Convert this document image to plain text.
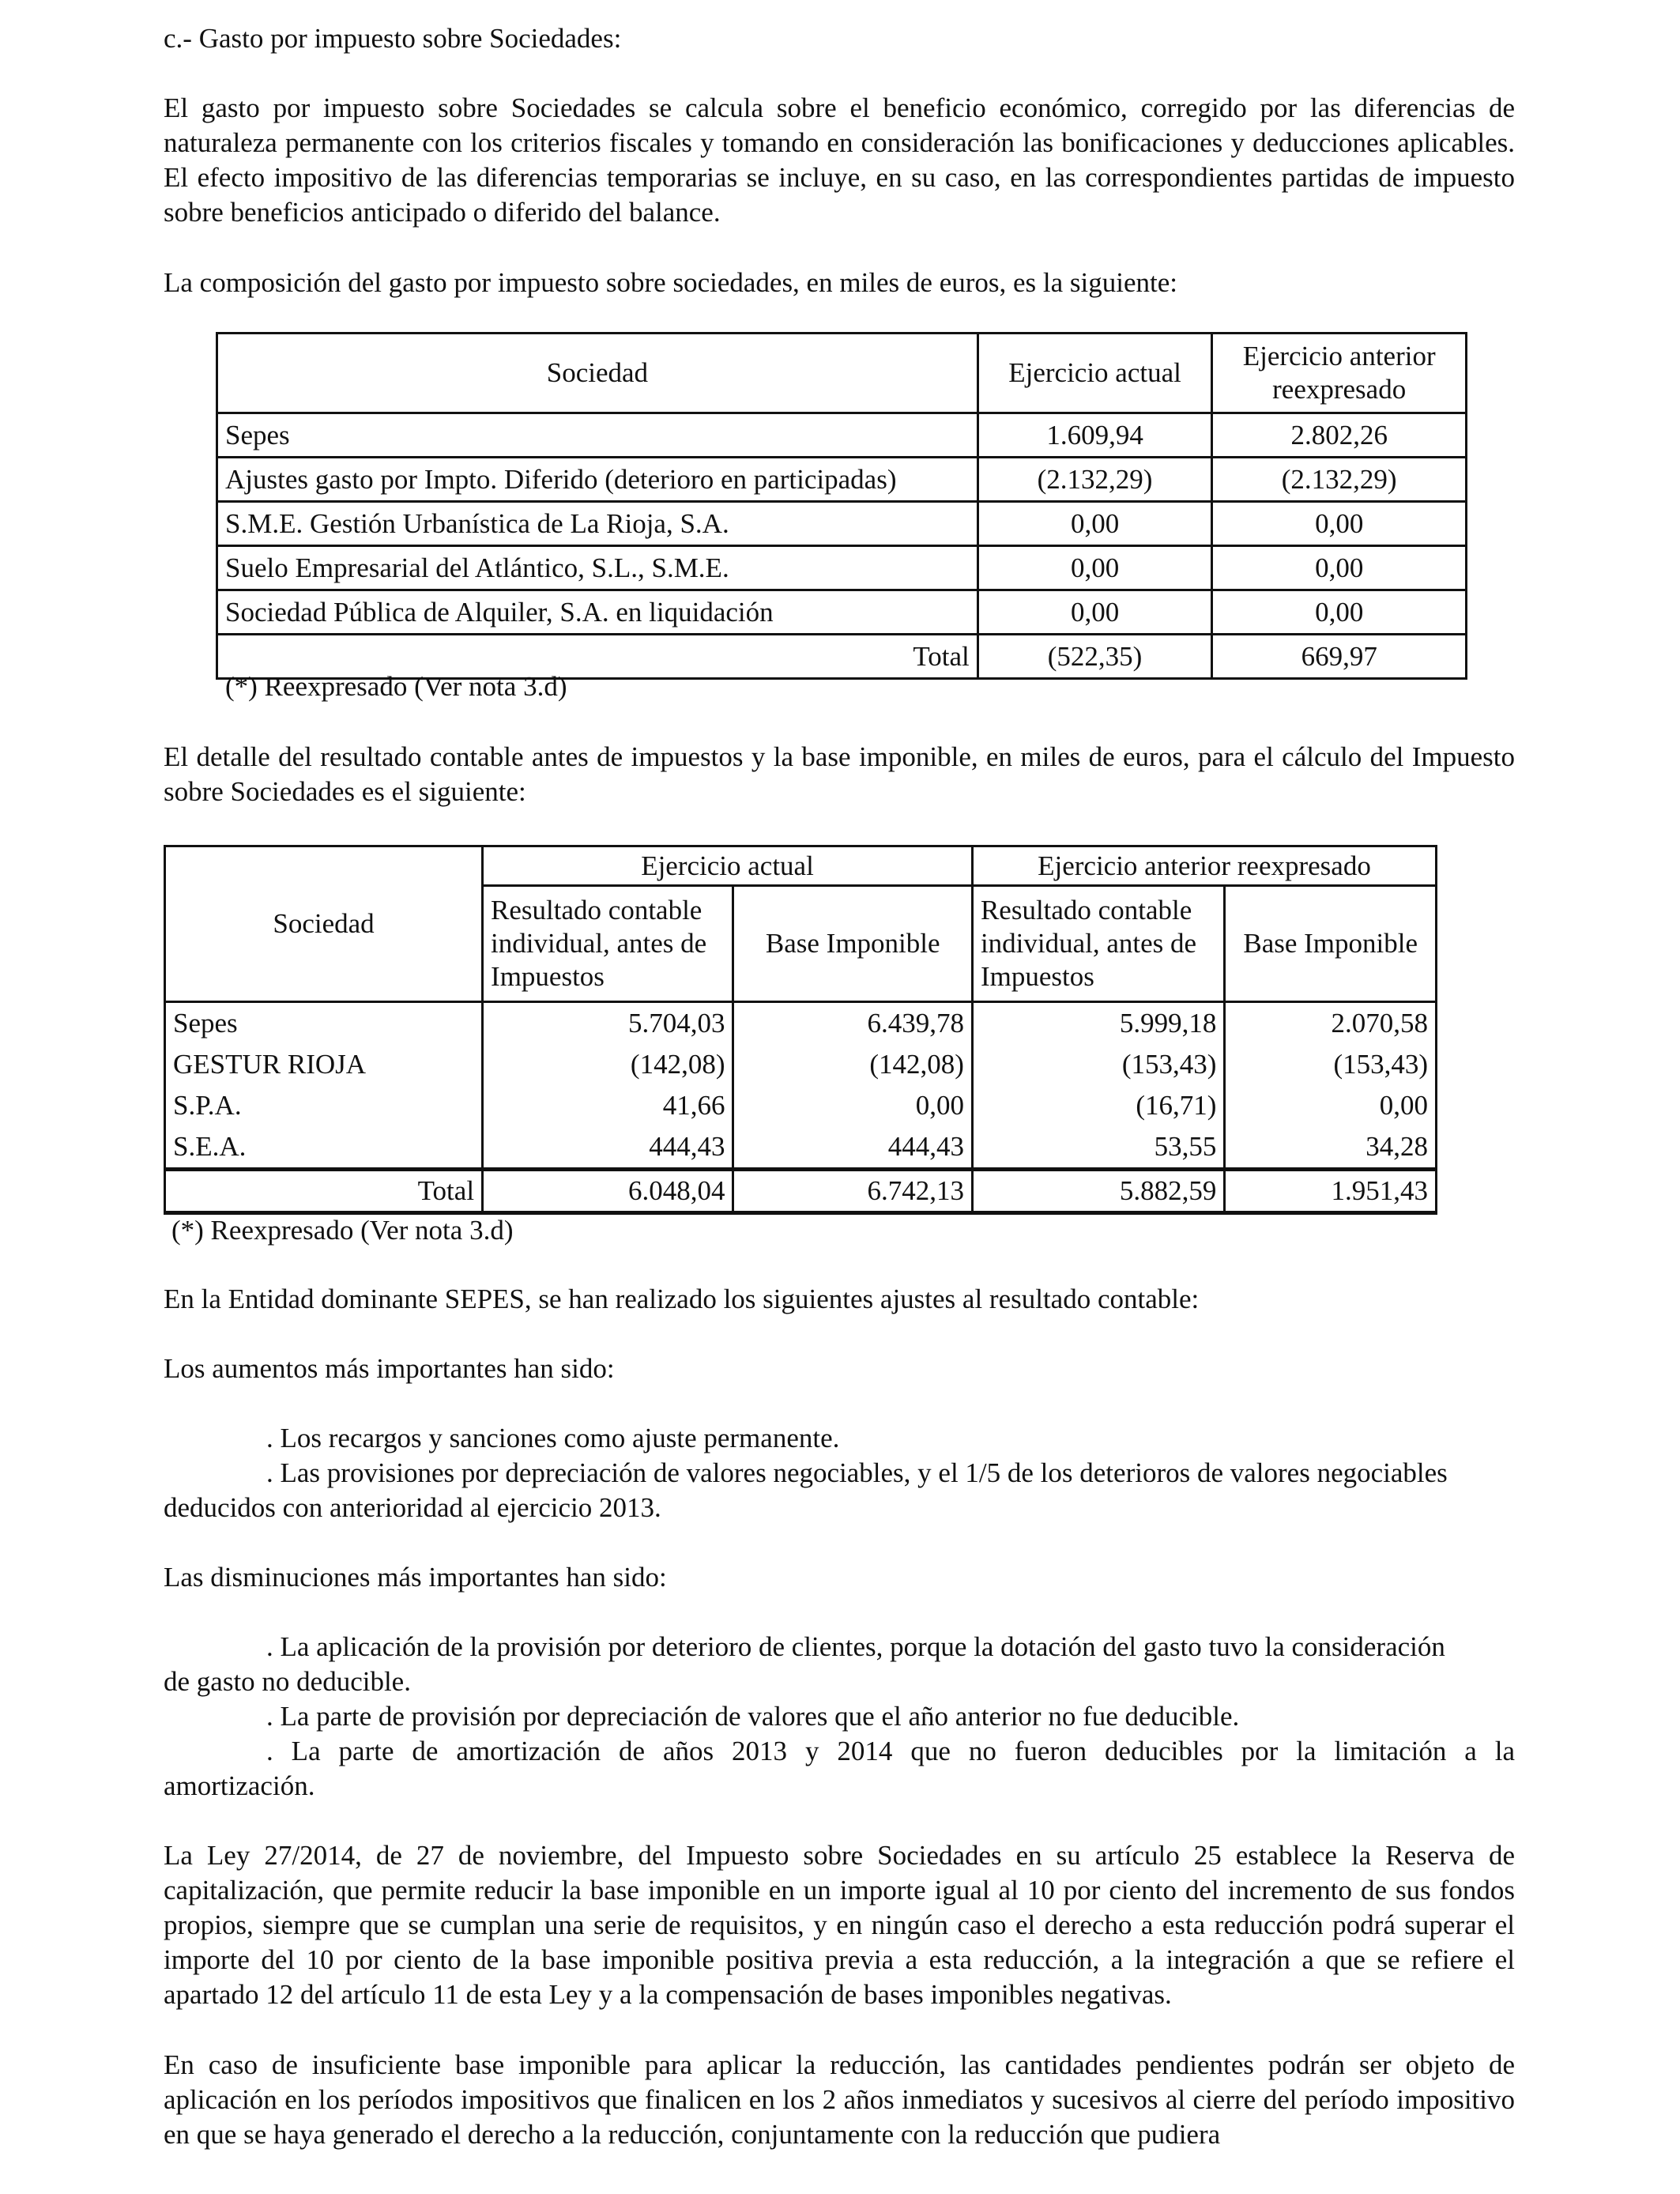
c.- Gasto por impuesto sobre Sociedades:

El gasto por impuesto sobre Sociedades se calcula sobre el beneficio económico, corregido por las diferencias de naturaleza permanente con los criterios fiscales y tomando en consideración las bonificaciones y deducciones aplicables. El efecto impositivo de las diferencias temporarias se incluye, en su caso, en las correspondientes partidas de impuesto sobre beneficios anticipado o diferido del balance.

La composición del gasto por impuesto sobre sociedades, en miles de euros, es la siguiente:

Sociedad	Ejercicio actual	Ejercicio anterior reexpresado
Sepes	1.609,94	2.802,26
Ajustes gasto por Impto. Diferido (deterioro en participadas)	(2.132,29)	(2.132,29)
S.M.E. Gestión Urbanística de La Rioja, S.A.	0,00	0,00
Suelo Empresarial del Atlántico, S.L., S.M.E.	0,00	0,00
Sociedad Pública de Alquiler, S.A. en liquidación	0,00	0,00
Total	(522,35)	669,97

(*) Reexpresado (Ver nota 3.d)

El detalle del resultado contable antes de impuestos y la base imponible, en miles de euros, para el cálculo del Impuesto sobre Sociedades es el siguiente:

Sociedad	Ejercicio actual		Ejercicio anterior reexpresado	
	Resultado contable individual, antes de Impuestos	Base Imponible	Resultado contable individual, antes de Impuestos	Base Imponible
Sepes	5.704,03	6.439,78	5.999,18	2.070,58
GESTUR RIOJA	(142,08)	(142,08)	(153,43)	(153,43)
S.P.A.	41,66	0,00	(16,71)	0,00
S.E.A.	444,43	444,43	53,55	34,28
Total	6.048,04	6.742,13	5.882,59	1.951,43

(*) Reexpresado (Ver nota 3.d)

En la Entidad dominante SEPES, se han realizado los siguientes ajustes al resultado contable:

Los aumentos más importantes han sido:

. Los recargos y sanciones como ajuste permanente.

. Las provisiones por depreciación de valores negociables, y el 1/5 de los deterioros de valores negociables

deducidos con anterioridad al ejercicio 2013.

Las disminuciones más importantes han sido:

. La aplicación de la provisión por deterioro de clientes, porque la dotación del gasto tuvo la consideración

de gasto no deducible.

. La parte de provisión por depreciación de valores que el año anterior no fue deducible.

. La parte de amortización de años 2013 y 2014 que no fueron deducibles por la limitación a la

amortización.

La Ley 27/2014, de 27 de noviembre, del Impuesto sobre Sociedades en su artículo 25 establece la Reserva de capitalización, que permite reducir la base imponible en un importe igual al 10 por ciento del incremento de sus fondos propios, siempre que se cumplan una serie de requisitos, y en ningún caso el derecho a esta reducción podrá superar el importe del 10 por ciento de la base imponible positiva previa a esta reducción, a la integración a que se refiere el apartado 12 del artículo 11 de esta Ley y a la compensación de bases imponibles negativas.

En caso de insuficiente base imponible para aplicar la reducción, las cantidades pendientes podrán ser objeto de aplicación en los períodos impositivos que finalicen en los 2 años inmediatos y sucesivos al cierre del período impositivo en que se haya generado el derecho a la reducción, conjuntamente con la reducción que pudiera
